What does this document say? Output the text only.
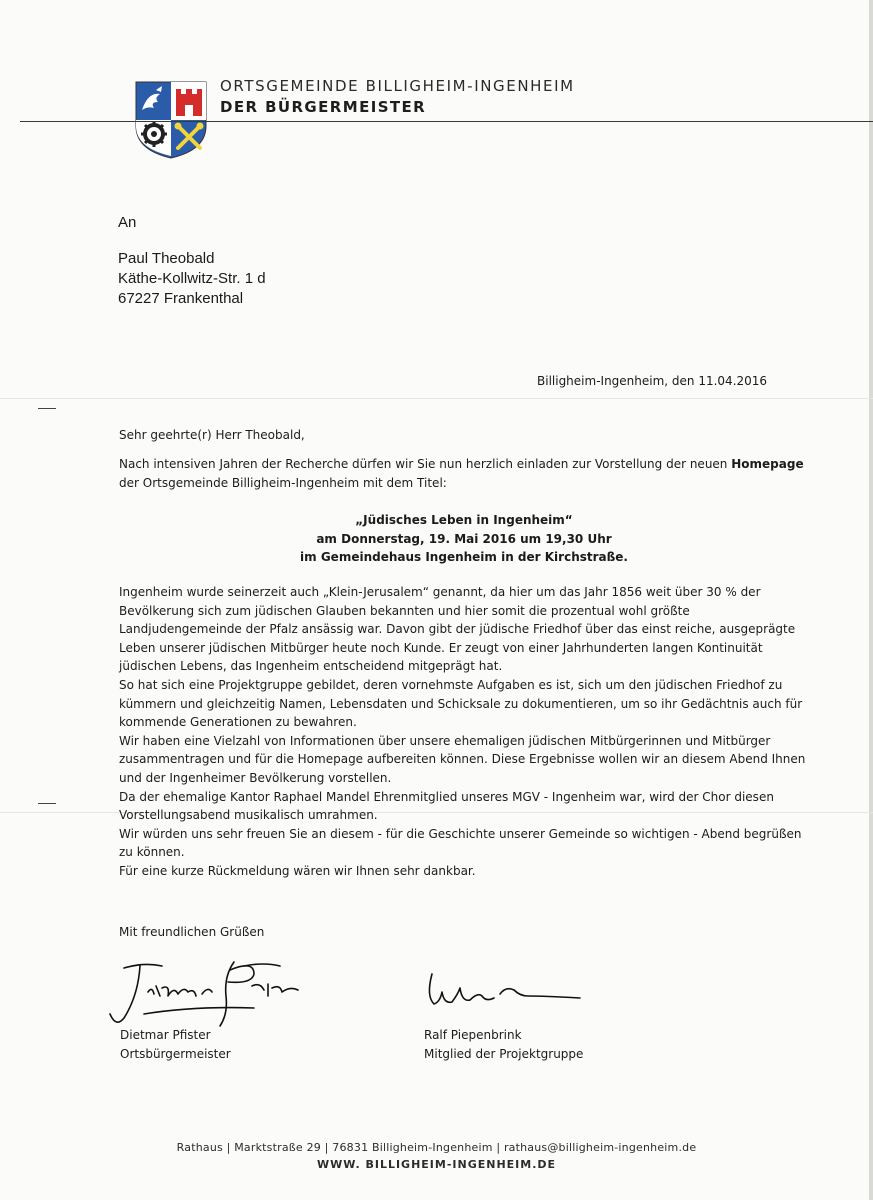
ORTSGEMEINDE BILLIGHEIM-INGENHEIM
DER BÜRGERMEISTER
An
Paul Theobald
Käthe-Kollwitz-Str. 1 d
67227 Frankenthal
Billigheim-Ingenheim, den 11.04.2016
Sehr geehrte(r) Herr Theobald,
Nach intensiven Jahren der Recherche dürfen wir Sie nun herzlich einladen zur Vorstellung der neuen Homepage
der Ortsgemeinde Billigheim-Ingenheim mit dem Titel:
„Jüdisches Leben in Ingenheim“
am Donnerstag, 19. Mai 2016 um 19,30 Uhr
im Gemeindehaus Ingenheim in der Kirchstraße.

Ingenheim wurde seinerzeit auch „Klein-Jerusalem“ genannt, da hier um das Jahr 1856 weit über 30 % der Bevölkerung sich zum jüdischen Glauben bekannten und hier somit die prozentual wohl größte Landjudengemeinde der Pfalz ansässig war. Davon gibt der jüdische Friedhof über das einst reiche, ausgeprägte Leben unserer jüdischen Mitbürger heute noch Kunde. Er zeugt von einer Jahrhunderten langen Kontinuität jüdischen Lebens, das Ingenheim entscheidend mitgeprägt hat.

So hat sich eine Projektgruppe gebildet, deren vornehmste Aufgaben es ist, sich um den jüdischen Friedhof zu kümmern und gleichzeitig Namen, Lebensdaten und Schicksale zu dokumentieren, um so ihr Gedächtnis auch für kommende Generationen zu bewahren.

Wir haben eine Vielzahl von Informationen über unsere ehemaligen jüdischen Mitbürgerinnen und Mitbürger zusammentragen und für die Homepage aufbereiten können. Diese Ergebnisse wollen wir an diesem Abend Ihnen und der Ingenheimer Bevölkerung vorstellen.

Da der ehemalige Kantor Raphael Mandel Ehrenmitglied unseres MGV - Ingenheim war, wird der Chor diesen Vorstellungsabend musikalisch umrahmen.

Wir würden uns sehr freuen Sie an diesem - für die Geschichte unserer Gemeinde so wichtigen - Abend begrüßen zu können.

Für eine kurze Rückmeldung wären wir Ihnen sehr dankbar.

Mit freundlichen Grüßen
Dietmar Pfister
Ortsbürgermeister
Ralf Piepenbrink
Mitglied der Projektgruppe
Rathaus | Marktstraße 29 | 76831 Billigheim-Ingenheim | rathaus@billigheim-ingenheim.de
WWW. BILLIGHEIM-INGENHEIM.DE
